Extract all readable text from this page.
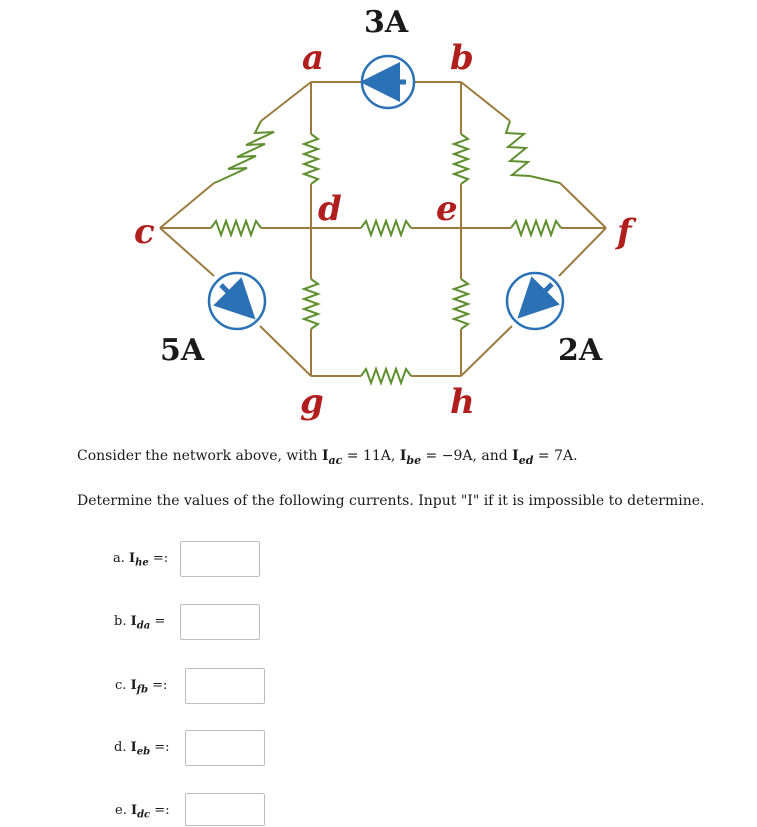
a	b
c
d	e
f
g	h
3A
5A	2A
Consider the network above, with $I_{ac} = 11A$, $I_{be} = -9A$, and $I_{ed} = 7A$.
Determine the values of the following currents. Input "I" if it is impossible to determine.
a. $I_{he}$ =:
b. $I_{da}$ =
c. $I_{fb}$ =:
d. $I_{eb}$ =:
e. $I_{dc}$ =:
